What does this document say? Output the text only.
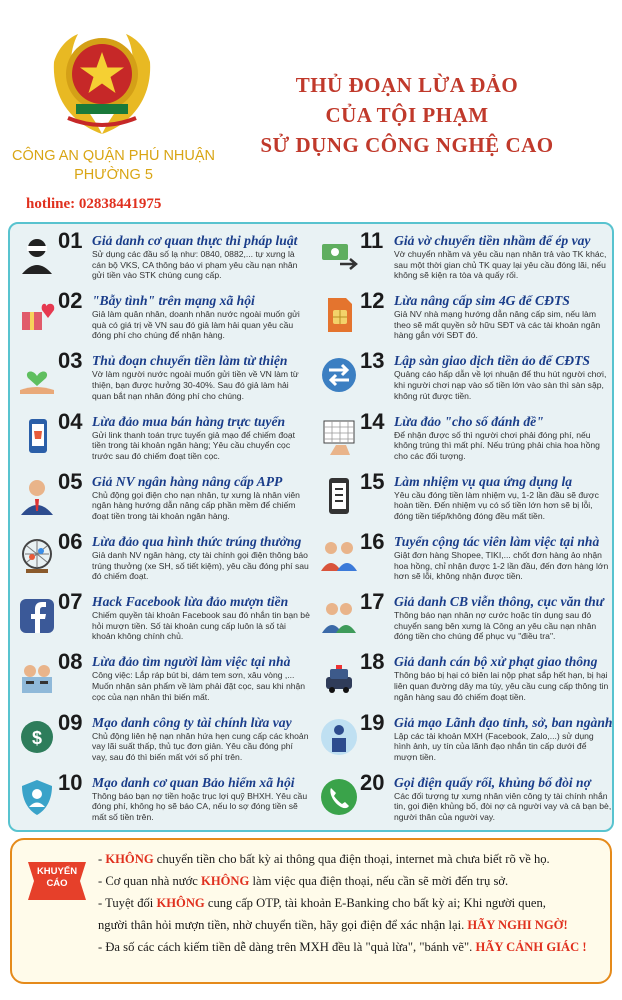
CÔNG AN QUẬN PHÚ NHUẬN
PHƯỜNG 5
hotline: 02838441975
THỦ ĐOẠN LỪA ĐẢO
CỦA TỘI PHẠM
SỬ DỤNG CÔNG NGHỆ CAO
01 Giả danh cơ quan thực thi pháp luật
Sử dụng các đầu số lạ như: 0840, 0882,... tự xưng là cán bộ VKS, CA thông báo vi phạm yêu cầu nạn nhân gửi tiền vào STK chúng cung cấp.
02 "Bẫy tình" trên mạng xã hội
Giả làm quân nhân, doanh nhân nước ngoài muốn gửi quà có giá trị về VN sau đó giả làm hải quan yêu cầu đóng phí cho chúng để nhận hàng.
03 Thủ đoạn chuyển tiền làm từ thiện
Vờ làm người nước ngoài muốn gửi tiền về VN làm từ thiện, bạn được hưởng 30-40%. Sau đó giả làm hải quan bắt nạn nhân đóng phí cho chúng.
04 Lừa đảo mua bán hàng trực tuyến
Gửi link thanh toán trực tuyến giả mạo để chiếm đoạt tiền trong tài khoản ngân hàng; Yêu cầu chuyển cọc trước sau đó chiếm đoạt tiền cọc.
05 Giả NV ngân hàng nâng cấp APP
Chủ động gọi điện cho nạn nhân, tự xưng là nhân viên ngân hàng hướng dẫn nâng cấp phần mềm để chiếm đoạt tiền trong tài khoản ngân hàng.
06 Lừa đảo qua hình thức trúng thưởng
Giả danh NV ngân hàng, cty tài chính gọi điện thông báo trúng thưởng (xe SH, số tiết kiệm), yêu cầu đóng phí sau đó chiếm đoạt.
07 Hack Facebook lừa đảo mượn tiền
Chiếm quyền tài khoản Facebook sau đó nhắn tin bạn bè hỏi mượn tiền. Số tài khoản cung cấp luôn là số tài khoản không chính chủ.
08 Lừa đảo tìm người làm việc tại nhà
Công việc: Lắp ráp bút bi, dám tem sơn, xâu vòng ,... Muốn nhận sản phẩm về làm phải đặt cọc, sau khi nhận cọc của nạn nhân thì biến mất.
$
09 Mạo danh công ty tài chính lừa vay
Chủ động liên hệ nạn nhân hứa hẹn cung cấp các khoản vay lãi suất thấp, thủ tục đơn giản. Yêu cầu đóng phí vay, sau đó thì biến mất với số phí trên.
10 Mạo danh cơ quan Bảo hiểm xã hội
Thông báo bạn nợ tiền hoặc trục lợi quỹ BHXH. Yêu cầu đóng phí, không họ sẽ báo CA, nếu lo sợ đóng tiền sẽ mất số tiền trên.
11 Giả vờ chuyển tiền nhầm để ép vay
Vờ chuyển nhầm và yêu cầu nạn nhân trả vào TK khác, sau một thời gian chủ TK quay lại yêu cầu đóng lãi, nếu không sẽ kiện ra tòa và quấy rối.
12 Lừa nâng cấp sim 4G để CĐTS
Giả NV nhà mạng hướng dẫn nâng cấp sim, nếu làm theo sẽ mất quyền sở hữu SĐT và các tài khoản ngân hàng gắn với SĐT đó.
13 Lập sàn giao dịch tiền ảo để CĐTS
Quảng cáo hấp dẫn về lợi nhuận để thu hút người chơi, khi người chơi nạp vào số tiền lớn vào sàn thì sàn sập, không rút được tiền.
14 Lừa đảo "cho số đánh đề"
Để nhận được số thì người chơi phải đóng phí, nếu không trúng thì mất phí. Nếu trúng phải chia hoa hồng cho các đối tượng.
15 Làm nhiệm vụ qua ứng dụng lạ
Yêu cầu đóng tiền làm nhiệm vụ, 1-2 lần đầu sẽ được hoàn tiền. Đến nhiệm vụ có số tiền lớn hơn sẽ bị lỗi, đóng tiền tiếp/không đóng đều mất tiền.
16 Tuyển cộng tác viên làm việc tại nhà
Giật đơn hàng Shopee, TIKI,... chốt đơn hàng ảo nhận hoa hồng, chỉ nhận được 1-2 lần đầu, đến đơn hàng lớn hơn sẽ lỗi, không nhận được tiền.
17 Giả danh CB viễn thông, cục văn thư
Thông báo nạn nhân nợ cước hoặc tín dụng sau đó chuyển sang bên xưng là Công an yêu cầu nạn nhân đóng tiền cho chúng để phục vụ "điều tra".
18 Giả danh cán bộ xử phạt giao thông
Thông báo bị hại có biên lai nộp phạt sắp hết hạn, bị hại liên quan đường dây ma túy, yêu cầu cung cấp thông tin ngân hàng sau đó chiếm đoạt tiền.
19 Giả mạo Lãnh đạo tỉnh, sở, ban ngành
Lập các tài khoản MXH (Facebook, Zalo,...) sử dụng hình ảnh, uy tín của lãnh đạo nhắn tin cấp dưới để mượn tiền.
20 Gọi điện quấy rối, khủng bố đòi nợ
Các đối tượng tự xưng nhân viên công ty tài chính nhắn tin, gọi điện khủng bố, đòi nợ cả người vay và cả bạn bè, người thân của người vay.
KHUYẾN
CÁO
- KHÔNG chuyển tiền cho bất kỳ ai thông qua điện thoại, internet mà chưa biết rõ về họ.
- Cơ quan nhà nước KHÔNG làm việc qua điện thoại, nếu cần sẽ mời đến trụ sở.
- Tuyệt đối KHÔNG cung cấp OTP, tài khoản E-Banking cho bất kỳ ai; Khi người quen,
người thân hỏi mượn tiền, nhờ chuyển tiền, hãy gọi điện để xác nhận lại. HÃY NGHI NGỜ!
- Đa số các cách kiếm tiền dễ dàng trên MXH đều là "quả lừa", "bánh vẽ". HÃY CẢNH GIÁC !
